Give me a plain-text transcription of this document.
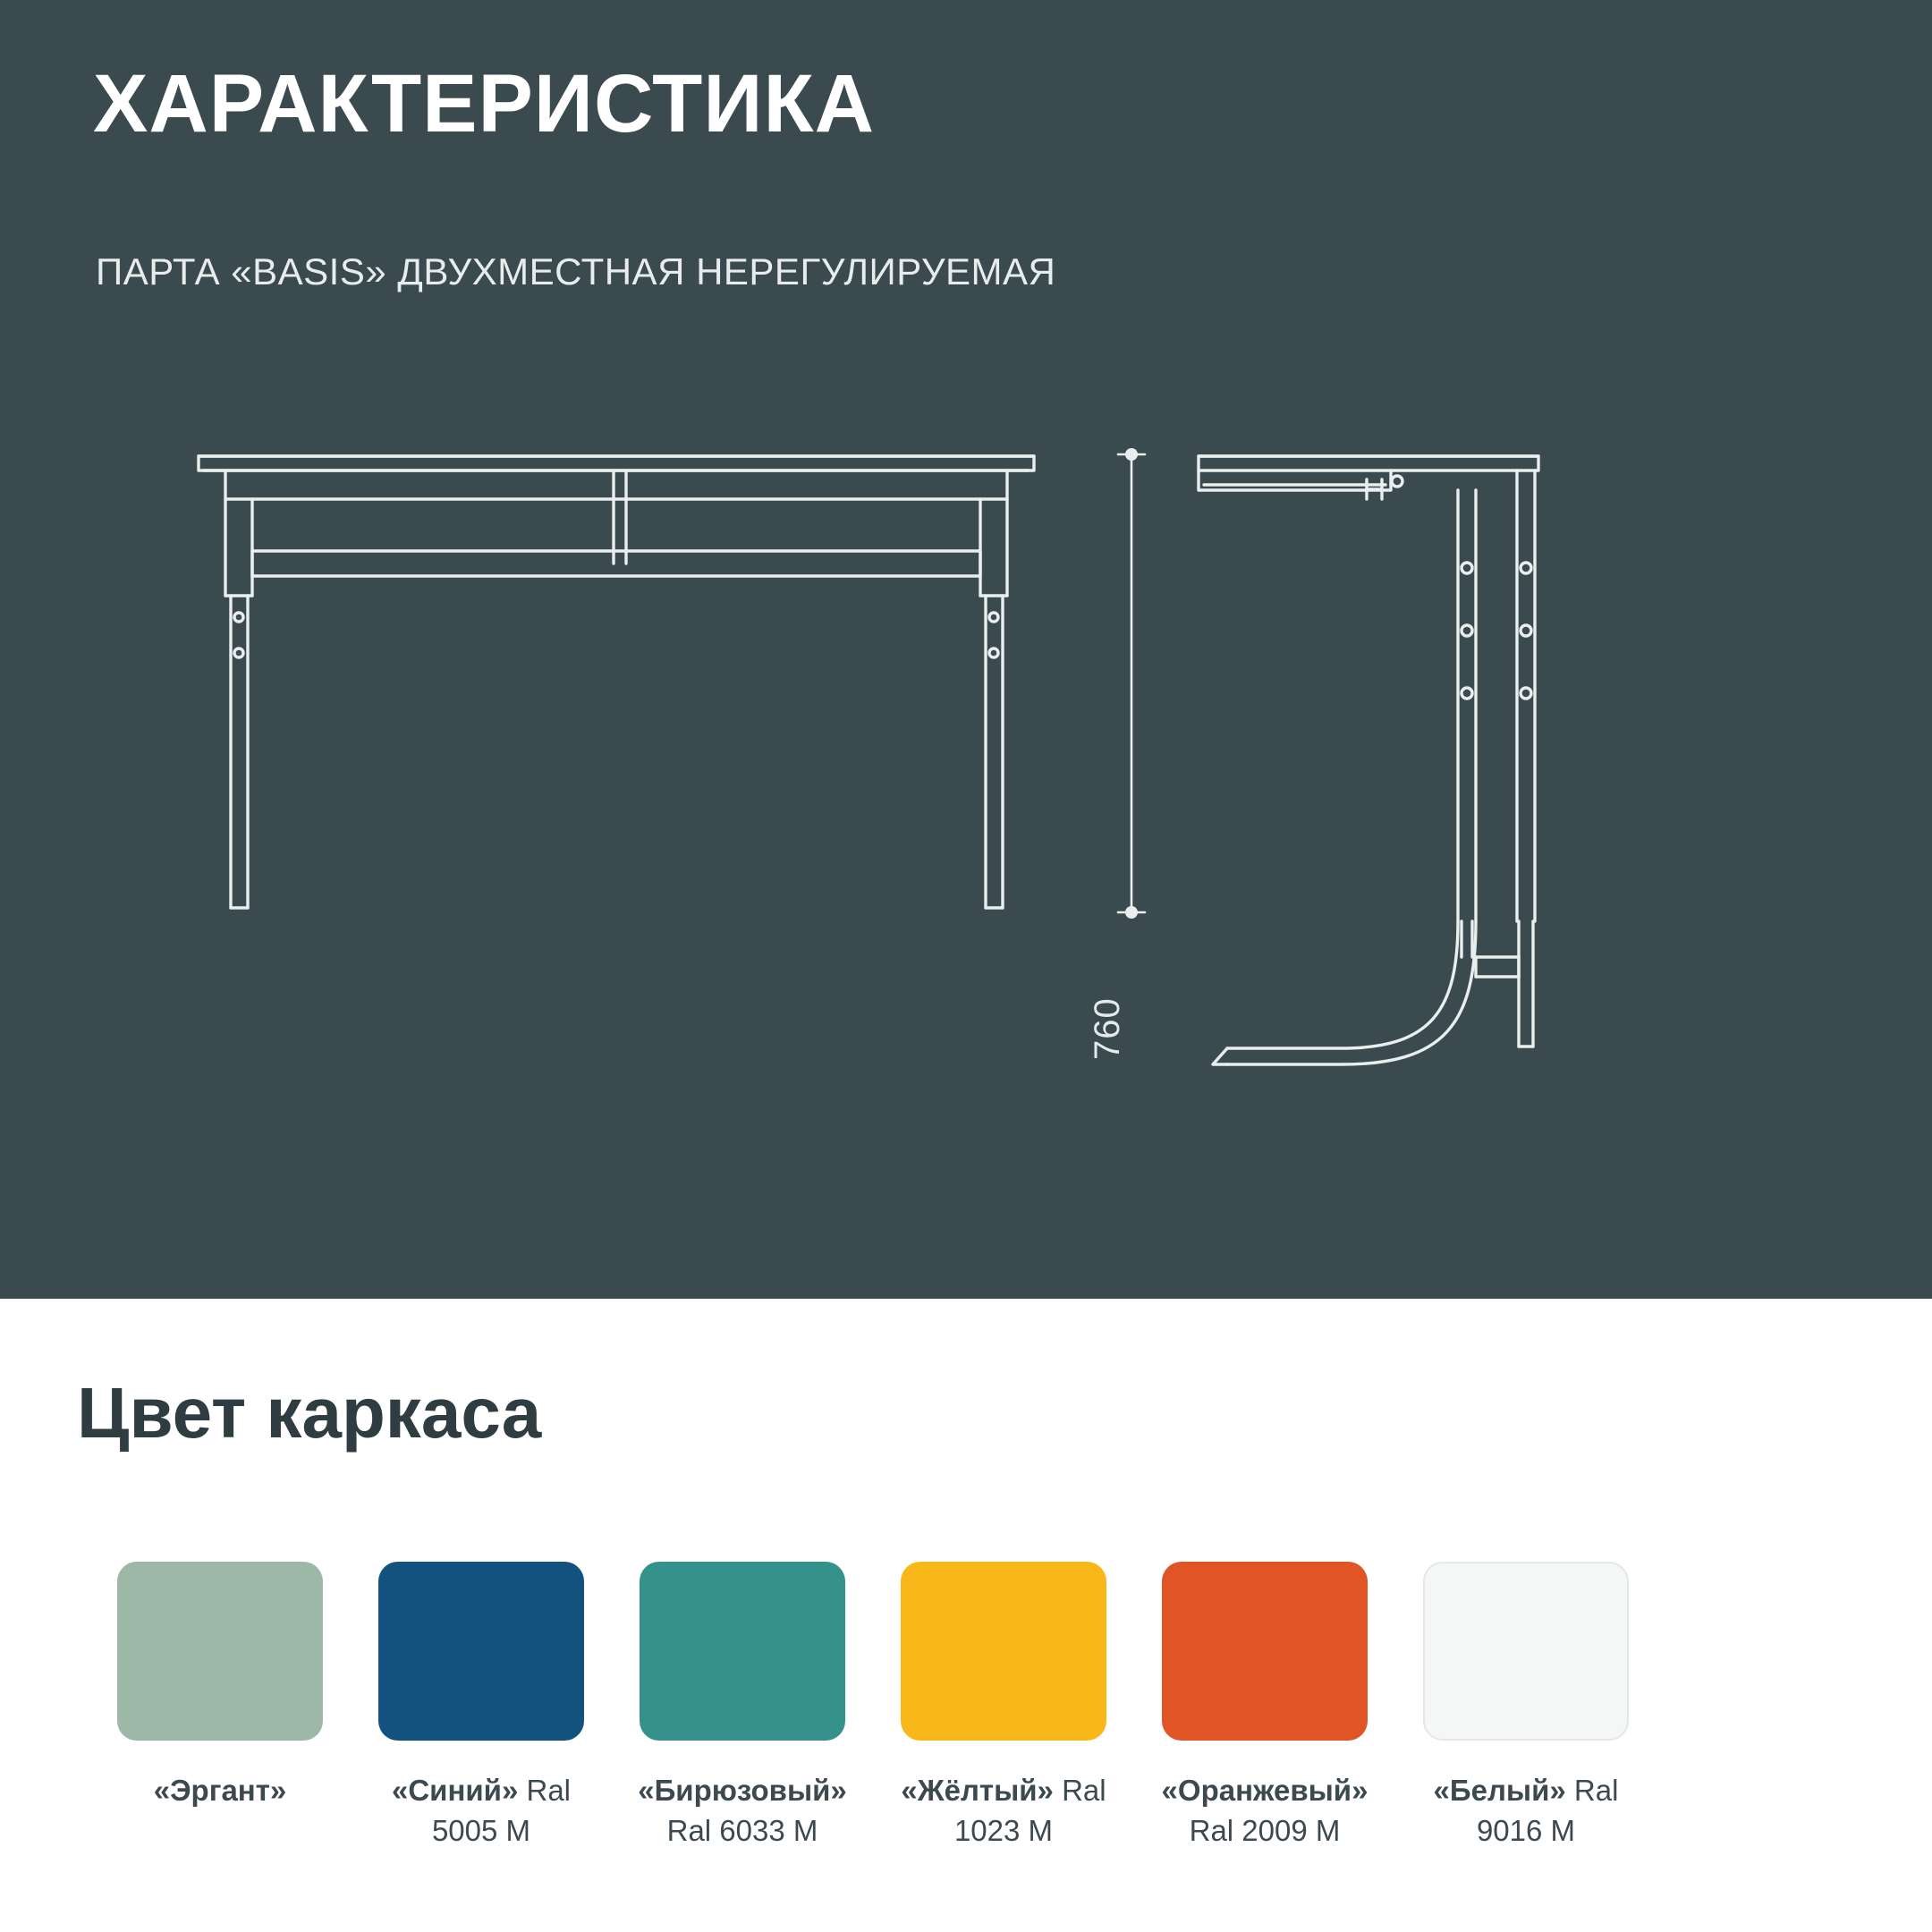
ХАРАКТЕРИСТИКА
ПАРТА «BASIS» ДВУХМЕСТНАЯ НЕРЕГУЛИРУЕМАЯ
760
Цвет каркаса
«Эргант»	«Синий» Ral 5005 M
«Бирюзовый» Ral 6033 M
«Жёлтый» Ral 1023 M
«Оранжевый» Ral 2009 M
«Белый» Ral 9016 M
